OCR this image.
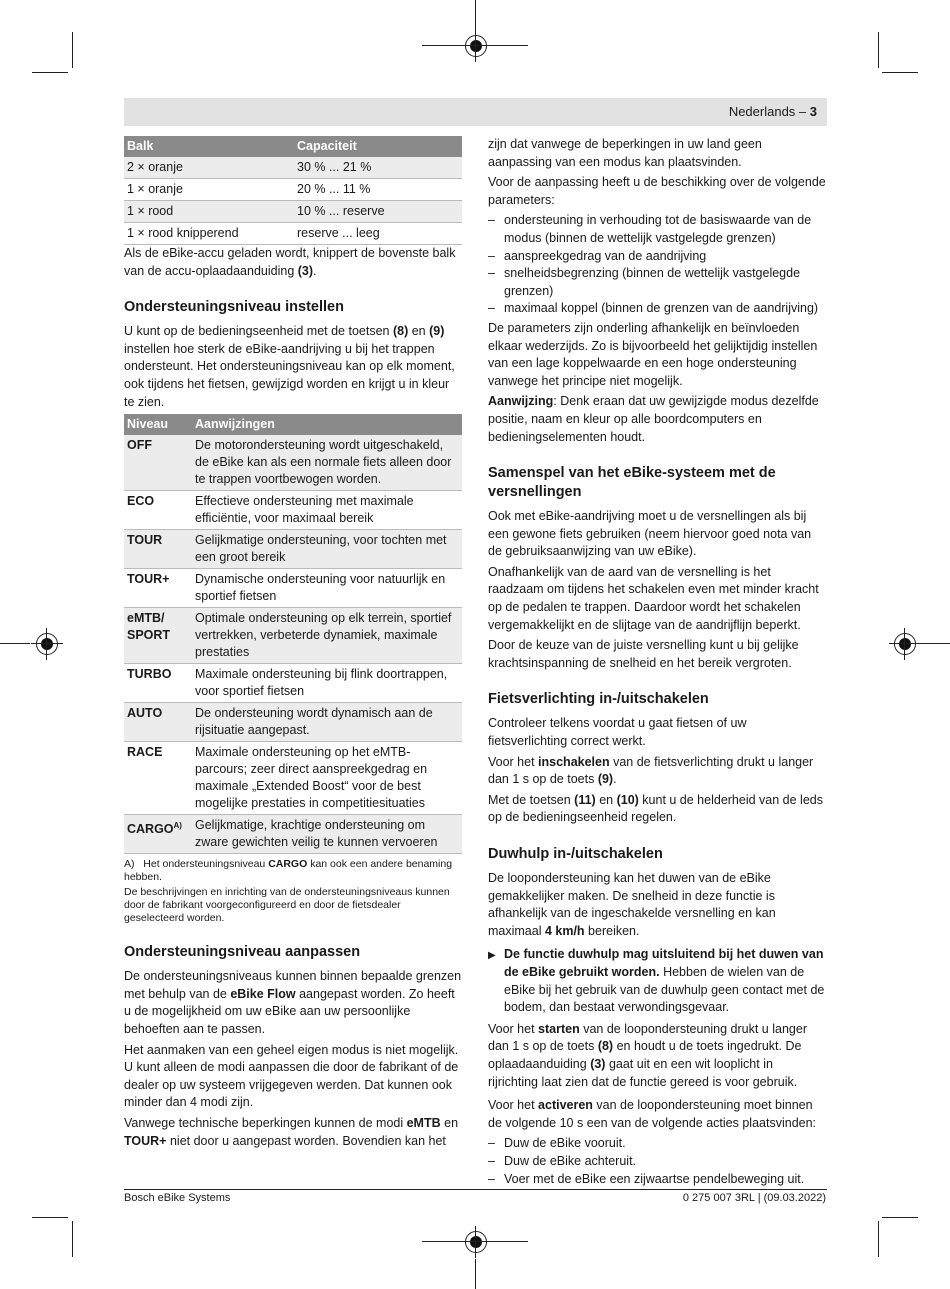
Nederlands – 3
Balk	Capaciteit
2 × oranje	30 % ... 21 %
1 × oranje	20 % ... 11 %
1 × rood	10 % ... reserve
1 × rood knipperend	reserve ... leeg

Als de eBike-accu geladen wordt, knippert de bovenste balk van de accu-oplaadaanduiding (3).

Ondersteuningsniveau instellen

U kunt op de bedieningseenheid met de toetsen (8) en (9) instellen hoe sterk de eBike-aandrijving u bij het trappen ondersteunt. Het ondersteuningsniveau kan op elk moment, ook tijdens het fietsen, gewijzigd worden en krijgt u in kleur te zien.

Niveau	Aanwijzingen
OFF	De motorondersteuning wordt uitgeschakeld, de eBike kan als een normale fiets alleen door te trappen voortbewogen worden.
ECO	Effectieve ondersteuning met maximale efficiëntie, voor maximaal bereik
TOUR	Gelijkmatige ondersteuning, voor tochten met een groot bereik
TOUR+	Dynamische ondersteuning voor natuurlijk en sportief fietsen
eMTB/ SPORT	Optimale ondersteuning op elk terrein, sportief vertrekken, verbeterde dynamiek, maximale prestaties
TURBO	Maximale ondersteuning bij flink doortrappen, voor sportief fietsen
AUTO	De ondersteuning wordt dynamisch aan de rijsituatie aangepast.
RACE	Maximale ondersteuning op het eMTB-parcours; zeer direct aanspreekgedrag en maximale „Extended Boost“ voor de best mogelijke prestaties in competitiesituaties
$CARGO^{A)}$	Gelijkmatige, krachtige ondersteuning om zware gewichten veilig te kunnen vervoeren
A) Het ondersteuningsniveau CARGO kan ook een andere benaming hebben.
De beschrijvingen en inrichting van de ondersteuningsniveaus kunnen door de fabrikant voorgeconfigureerd en door de fietsdealer geselecteerd worden.
Ondersteuningsniveau aanpassen

De ondersteuningsniveaus kunnen binnen bepaalde grenzen met behulp van de eBike Flow aangepast worden. Zo heeft u de mogelijkheid om uw eBike aan uw persoonlijke behoeften aan te passen.

Het aanmaken van een geheel eigen modus is niet mogelijk. U kunt alleen de modi aanpassen die door de fabrikant of de dealer op uw systeem vrijgegeven werden. Dat kunnen ook minder dan 4 modi zijn.

Vanwege technische beperkingen kunnen de modi eMTB en TOUR+ niet door u aangepast worden. Bovendien kan het

zijn dat vanwege de beperkingen in uw land geen aanpassing van een modus kan plaatsvinden.

Voor de aanpassing heeft u de beschikking over de volgende parameters:

– ondersteuning in verhouding tot de basiswaarde van de modus (binnen de wettelijk vastgelegde grenzen)
– aanspreekgedrag van de aandrijving
– snelheidsbegrenzing (binnen de wettelijk vastgelegde grenzen)
– maximaal koppel (binnen de grenzen van de aandrijving)

De parameters zijn onderling afhankelijk en beïnvloeden elkaar wederzijds. Zo is bijvoorbeeld het gelijktijdig instellen van een lage koppelwaarde en een hoge ondersteuning vanwege het principe niet mogelijk.

Aanwijzing: Denk eraan dat uw gewijzigde modus dezelfde positie, naam en kleur op alle boordcomputers en bedieningselementen houdt.

Samenspel van het eBike-systeem met de versnellingen

Ook met eBike-aandrijving moet u de versnellingen als bij een gewone fiets gebruiken (neem hiervoor goed nota van de gebruiksaanwijzing van uw eBike).

Onafhankelijk van de aard van de versnelling is het raadzaam om tijdens het schakelen even met minder kracht op de pedalen te trappen. Daardoor wordt het schakelen vergemakkelijkt en de slijtage van de aandrijflijn beperkt.

Door de keuze van de juiste versnelling kunt u bij gelijke krachtsinspanning de snelheid en het bereik vergroten.

Fietsverlichting in-/uitschakelen

Controleer telkens voordat u gaat fietsen of uw fietsverlichting correct werkt.

Voor het inschakelen van de fietsverlichting drukt u langer dan 1 s op de toets (9).

Met de toetsen (11) en (10) kunt u de helderheid van de leds op de bedieningseenheid regelen.

Duwhulp in-/uitschakelen

De loopondersteuning kan het duwen van de eBike gemakkelijker maken. De snelheid in deze functie is afhankelijk van de ingeschakelde versnelling en kan maximaal 4 km/h bereiken.

▶ De functie duwhulp mag uitsluitend bij het duwen van de eBike gebruikt worden. Hebben de wielen van de eBike bij het gebruik van de duwhulp geen contact met de bodem, dan bestaat verwondingsgevaar.

Voor het starten van de loopondersteuning drukt u langer dan 1 s op de toets (8) en houdt u de toets ingedrukt. De oplaadaanduiding (3) gaat uit en een wit looplicht in rijrichting laat zien dat de functie gereed is voor gebruik.

Voor het activeren van de loopondersteuning moet binnen de volgende 10 s een van de volgende acties plaatsvinden:

– Duw de eBike vooruit.
– Duw de eBike achteruit.
– Voer met de eBike een zijwaartse pendelbeweging uit.
Bosch eBike Systems	0 275 007 3RL | (09.03.2022)
